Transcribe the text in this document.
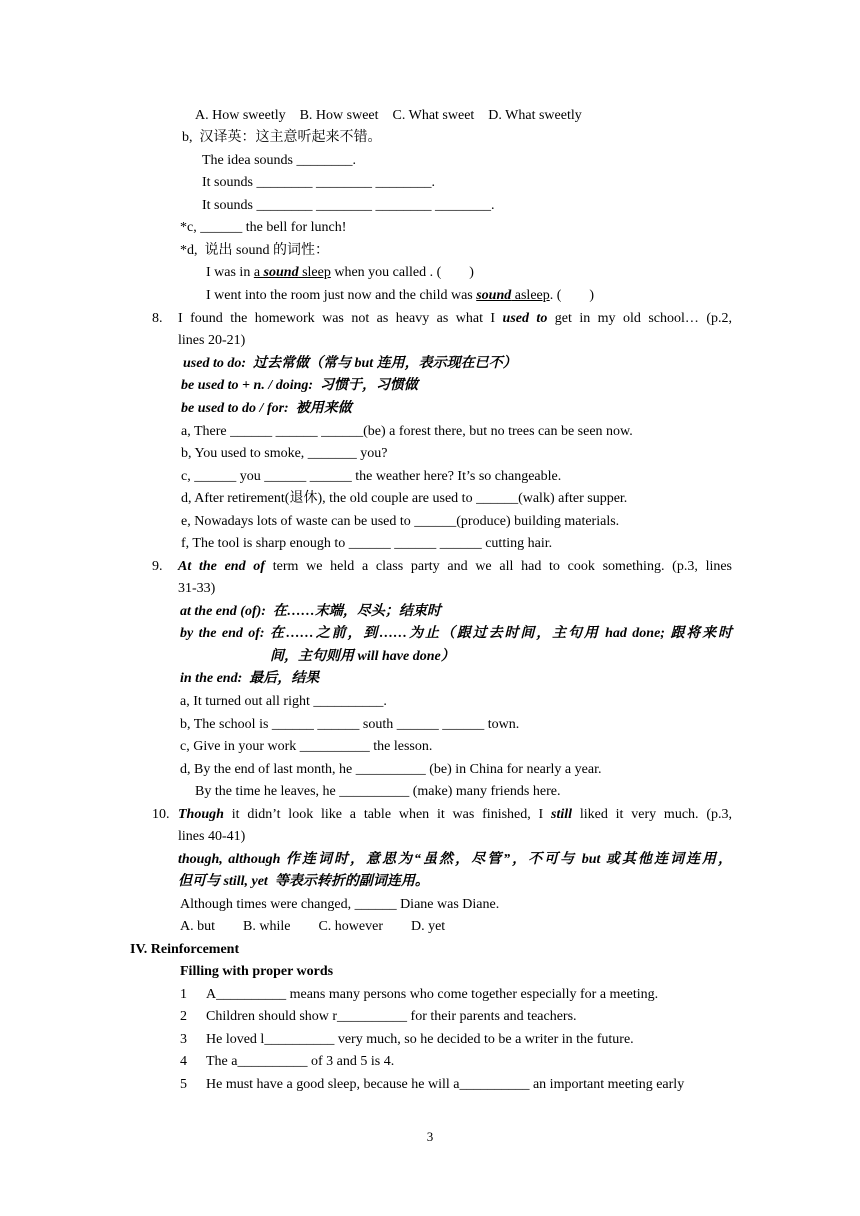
A. How sweetly    B. How sweet    C. What sweet    D. What sweetly
b,  汉译英：这主意听起来不错。
The idea sounds ________.
It sounds ________ ________ ________.
It sounds ________ ________ ________ ________.
*c, ______ the bell for lunch!
*d,  说出 sound 的词性：
I was in a sound sleep when you called . (        )
I went into the room just now and the child was sound asleep. (        )
8. I found the homework was not as heavy as what I used to get in my old school… (p.2,
lines 20-21)
used to do:  过去常做（常与 but 连用，表示现在已不）
be used to + n. / doing:  习惯于，习惯做
be used to do / for:  被用来做
a, There ______ ______ ______(be) a forest there, but no trees can be seen now.
b, You used to smoke, _______ you?
c, ______ you ______ ______ the weather here? It’s so changeable.
d, After retirement(退休), the old couple are used to ______(walk) after supper.
e, Nowadays lots of waste can be used to ______(produce) building materials.
f, The tool is sharp enough to ______ ______ ______ cutting hair.
9. At the end of term we held a class party and we all had to cook something. (p.3, lines
31-33)
at the end (of):  在……末端，尽头；结束时
by the end of: 在……之前，到……为止（跟过去时间，主句用 had done; 跟将来时
间，主句则用 will have done）
in the end:  最后，结果
a, It turned out all right __________.
b, The school is ______ ______ south ______ ______ town.
c, Give in your work __________ the lesson.
d, By the end of last month, he __________ (be) in China for nearly a year.
By the time he leaves, he __________ (make) many friends here.
10. Though it didn’t look like a table when it was finished, I still liked it very much. (p.3,
lines 40-41)
though, although 作连词时，意思为“虽然，尽管”，不可与 but 或其他连词连用，
但可与 still, yet  等表示转折的副词连用。
Although times were changed, ______ Diane was Diane.
A. but        B. while        C. however        D. yet
IV. Reinforcement
Filling with proper words
1 A__________ means many persons who come together especially for a meeting.
2 Children should show r__________ for their parents and teachers.
3 He loved l__________ very much, so he decided to be a writer in the future.
4 The a__________ of 3 and 5 is 4.
5 He must have a good sleep, because he will a__________ an important meeting early
3
